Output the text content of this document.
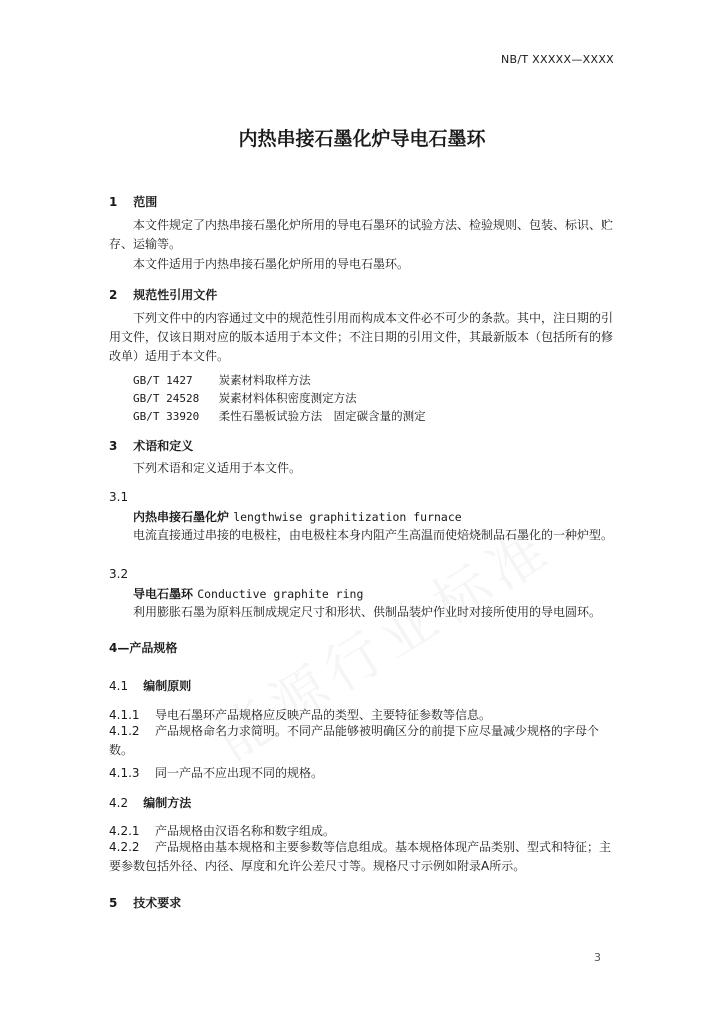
NB/T XXXXX—XXXX
内热串接石墨化炉导电石墨环
1 范围
本文件规定了内热串接石墨化炉所用的导电石墨环的试验方法、检验规则、包装、标识、贮存、运输等。
本文件适用于内热串接石墨化炉所用的导电石墨环。
2 规范性引用文件
下列文件中的内容通过文中的规范性引用而构成本文件必不可少的条款。其中，注日期的引用文件，仅该日期对应的版本适用于本文件；不注日期的引用文件，其最新版本（包括所有的修改单）适用于本文件。
GB/T 1427 炭素材料取样方法
GB/T 24528 炭素材料体积密度测定方法
GB/T 33920 柔性石墨板试验方法　固定碳含量的测定
3 术语和定义
下列术语和定义适用于本文件。
3.1
内热串接石墨化炉 lengthwise graphitization furnace
电流直接通过串接的电极柱，由电极柱本身内阻产生高温而使焙烧制品石墨化的一种炉型。
3.2
导电石墨环 Conductive graphite ring
利用膨胀石墨为原料压制成规定尺寸和形状、供制品装炉作业时对接所使用的导电圆环。
4—产品规格
4.1 编制原则
4.1.1 导电石墨环产品规格应反映产品的类型、主要特征参数等信息。
4.1.2 产品规格命名力求简明。不同产品能够被明确区分的前提下应尽量减少规格的字母个数。
4.1.3 同一产品不应出现不同的规格。
4.2 编制方法
4.2.1 产品规格由汉语名称和数字组成。
4.2.2 产品规格由基本规格和主要参数等信息组成。基本规格体现产品类别、型式和特征；主要参数包括外径、内径、厚度和允许公差尺寸等。规格尺寸示例如附录A所示。
5 技术要求
3
